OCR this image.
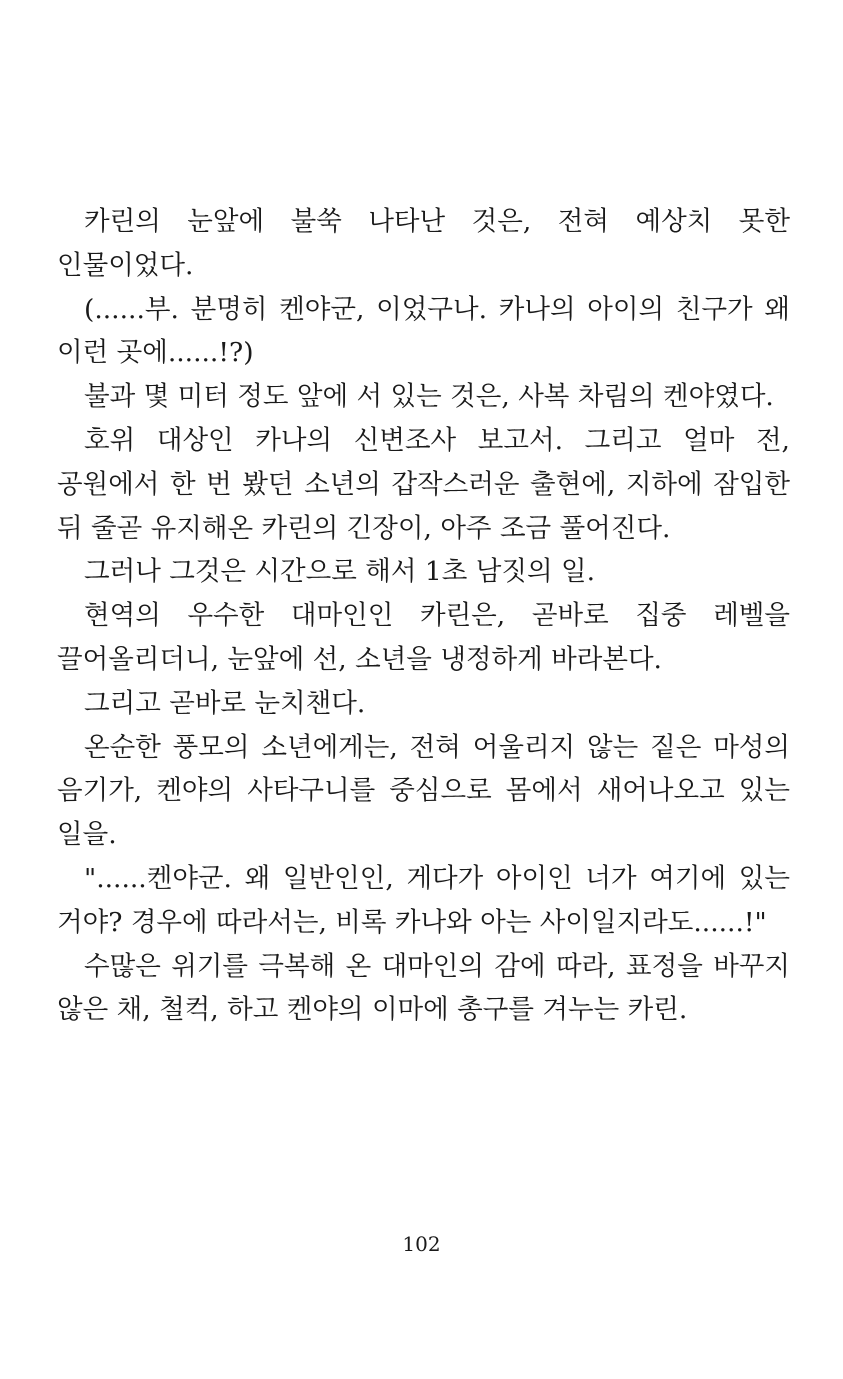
카린의 눈앞에 불쑥 나타난 것은, 전혀 예상치 못한 인물이었다.

(......부. 분명히 켄야군, 이었구나. 카나의 아이의 친구가 왜 이런 곳에......!?)

불과 몇 미터 정도 앞에 서 있는 것은, 사복 차림의 켄야였다.

호위 대상인 카나의 신변조사 보고서. 그리고 얼마 전, 공원에서 한 번 봤던 소년의 갑작스러운 출현에, 지하에 잠입한 뒤 줄곧 유지해온 카린의 긴장이, 아주 조금 풀어진다.

그러나 그것은 시간으로 해서 1초 남짓의 일.

현역의 우수한 대마인인 카린은, 곧바로 집중 레벨을 끌어올리더니, 눈앞에 선, 소년을 냉정하게 바라본다.

그리고 곧바로 눈치챈다.

온순한 풍모의 소년에게는, 전혀 어울리지 않는 짙은 마성의 음기가, 켄야의 사타구니를 중심으로 몸에서 새어나오고 있는 일을.

"......켄야군. 왜 일반인인, 게다가 아이인 너가 여기에 있는 거야? 경우에 따라서는, 비록 카나와 아는 사이일지라도......!"

수많은 위기를 극복해 온 대마인의 감에 따라, 표정을 바꾸지 않은 채, 철컥, 하고 켄야의 이마에 총구를 겨누는 카린.

102
